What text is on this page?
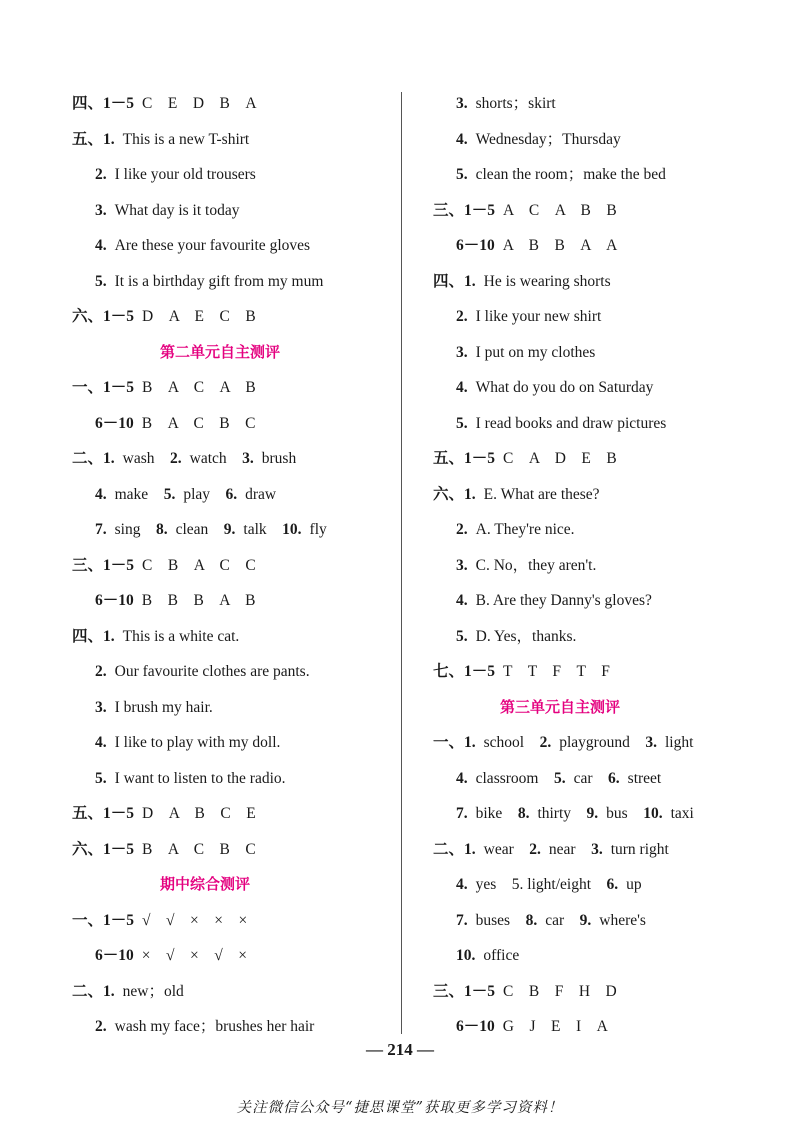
四、1－5 C　E　D　B　A
五、1. This is a new T-shirt
2. I like your old trousers
3. What day is it today
4. Are these your favourite gloves
5. It is a birthday gift from my mum
六、1－5 D　A　E　C　B
第二单元自主测评
一、1－5 B　A　C　A　B
6－10 B　A　C　B　C
二、1. wash　2. watch　3. brush
4. make　5. play　6. draw
7. sing　8. clean　9. talk　10. fly
三、1－5 C　B　A　C　C
6－10 B　B　B　A　B
四、1. This is a white cat.
2. Our favourite clothes are pants.
3. I brush my hair.
4. I like to play with my doll.
5. I want to listen to the radio.
五、1－5 D　A　B　C　E
六、1－5 B　A　C　B　C
期中综合测评
一、1－5 √　√　×　×　×
6－10 ×　√　×　√　×
二、1. new；old
2. wash my face；brushes her hair
3. shorts；skirt
4. Wednesday；Thursday
5. clean the room；make the bed
三、1－5 A　C　A　B　B
6－10 A　B　B　A　A
四、1. He is wearing shorts
2. I like your new shirt
3. I put on my clothes
4. What do you do on Saturday
5. I read books and draw pictures
五、1－5 C　A　D　E　B
六、1. E. What are these?
2. A. They're nice.
3. C. No，they aren't.
4. B. Are they Danny's gloves?
5. D. Yes，thanks.
七、1－5 T　T　F　T　F
第三单元自主测评
一、1. school　2. playground　3. light
4. classroom　5. car　6. street
7. bike　8. thirty　9. bus　10. taxi
二、1. wear　2. near　3. turn right
4. yes　5. light/eight　6. up
7. buses　8. car　9. where's
10. office
三、1－5 C　B　F　H　D
6－10 G　J　E　I　A
— 214 —
关注微信公众号“捷思课堂”获取更多学习资料！
